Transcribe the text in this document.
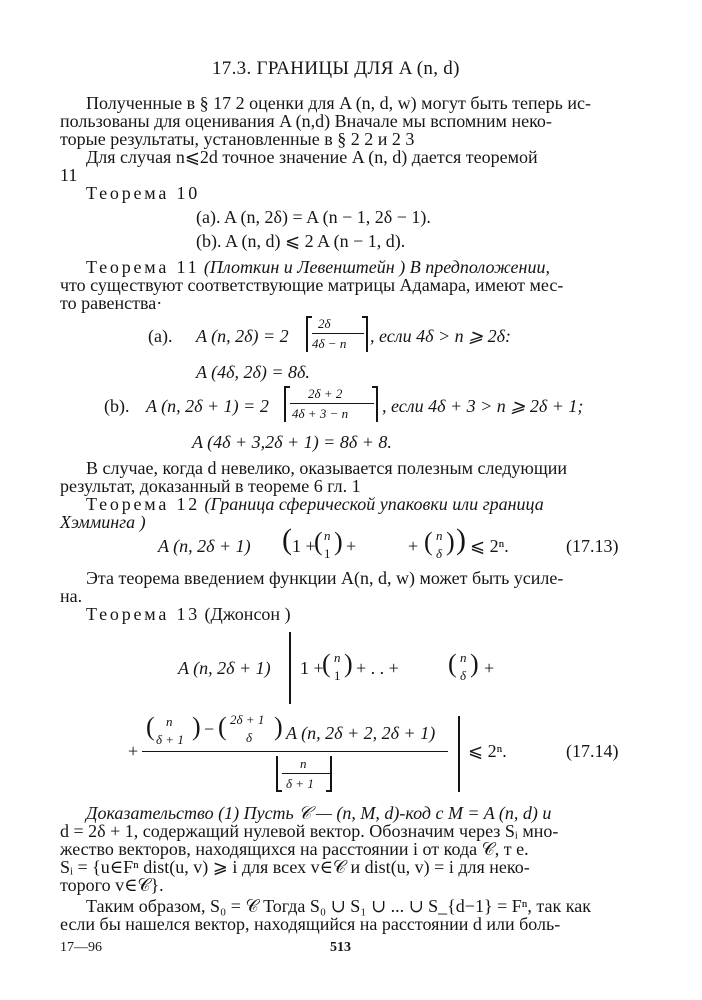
17.3. ГРАНИЦЫ ДЛЯ A (n, d)
Полученные в § 17 2 оценки для A (n, d, w) могут быть теперь ис-
пользованы для оценивания A (n,d) Вначале мы вспомним неко-
торые результаты, установленные в § 2 2 и 2 3
Для случая n⩽2d точное значение A (n, d) дается теоремой
11
Теорема 10
(a). A (n, 2δ) = A (n − 1, 2δ − 1).
(b). A (n, d) ⩽ 2 A (n − 1, d).
Теорема 11 (Плоткин и Левенштейн ) В предположении,
что существуют соответствующие матрицы Адамара, имеют мес-
то равенства·
(a). A (n, 2δ) = 2
2δ
4δ − n , если 4δ > n ⩾ 2δ:
A (4δ, 2δ) = 8δ.
(b). A (n, 2δ + 1) = 2
2δ + 2
4δ + 3 − n , если 4δ + 3 > n ⩾ 2δ + 1;
A (4δ + 3,2δ + 1) = 8δ + 8.
В случае, когда d невелико, оказывается полезным следующии
результат, доказанный в теореме 6 гл. 1
Теорема 12 (Граница сферической упаковки или граница
Хэмминга )
A (n, 2δ + 1) ( 1 +
( n
1 ) +	+ ( n
δ ) ) ⩽ 2ⁿ.	(17.13)
Эта теорема введением функции A(n, d, w) может быть усиле-
на.
Теорема 13 (Джонсон )
A (n, 2δ + 1) 1 +
( n
1 ) + . . + ( n
δ ) +
+
( n
δ + 1 ) − ( 2δ + 1
δ ) A (n, 2δ + 2, 2δ + 1)
n
δ + 1
⩽ 2ⁿ.	(17.14)
Доказательство (1) Пусть 𝒞 — (n, M, d)-код с M = A (n, d) и
d = 2δ + 1, содержащий нулевой вектор. Обозначим через Sᵢ мно-
жество векторов, находящихся на расстоянии i от кода 𝒞, т е.
Sᵢ = {u∈Fⁿ dist(u, v) ⩾ i для всех v∈𝒞 и dist(u, v) = i для неко-
торого v∈𝒞}.
Таким образом, S₀ = 𝒞 Тогда S₀ ∪ S₁ ∪ ... ∪ S_{d−1} = Fⁿ, так как
если бы нашелся вектор, находящийся на расстоянии d или боль-
17—96	513
